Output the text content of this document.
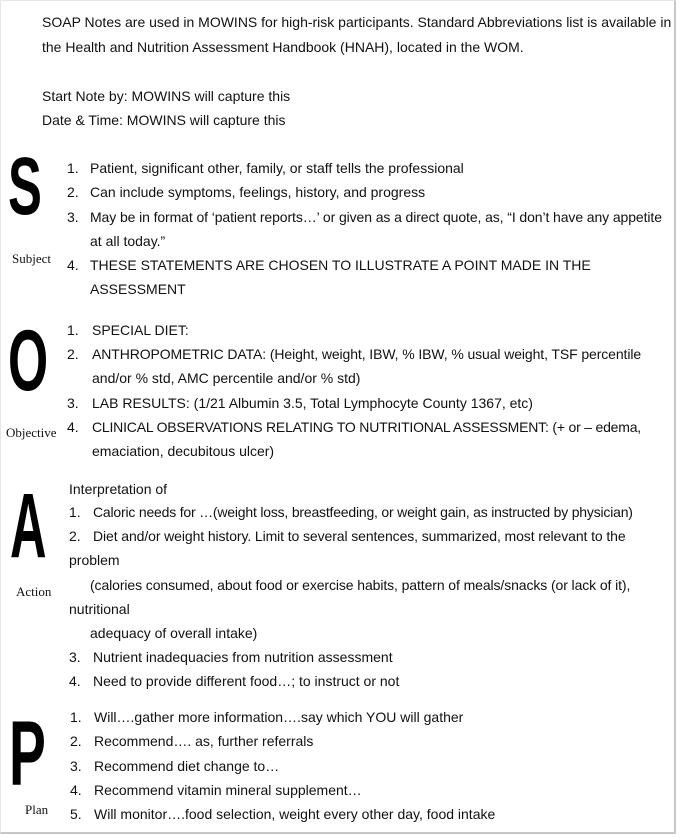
SOAP Notes are used in MOWINS for high-risk participants. Standard Abbreviations list is available in
the Health and Nutrition Assessment Handbook (HNAH), located in the WOM.
Start Note by: MOWINS will capture this
Date & Time: MOWINS will capture this
S
Subject
1. Patient, significant other, family, or staff tells the professional
2. Can include symptoms, feelings, history, and progress
3. May be in format of ‘patient reports…’ or given as a direct quote, as, “I don’t have any appetite
at all today.”
4. THESE STATEMENTS ARE CHOSEN TO ILLUSTRATE A POINT MADE IN THE
ASSESSMENT
O
Objective
1. SPECIAL DIET:
2. ANTHROPOMETRIC DATA: (Height, weight, IBW, % IBW, % usual weight, TSF percentile
and/or % std, AMC percentile and/or % std)
3. LAB RESULTS: (1/21 Albumin 3.5, Total Lymphocyte County 1367, etc)
4. CLINICAL OBSERVATIONS RELATING TO NUTRITIONAL ASSESSMENT: (+ or – edema,
emaciation, decubitous ulcer)
A
Action
Interpretation of
1. Caloric needs for …(weight loss, breastfeeding, or weight gain, as instructed by physician)
2. Diet and/or weight history. Limit to several sentences, summarized, most relevant to the
problem
(calories consumed, about food or exercise habits, pattern of meals/snacks (or lack of it),
nutritional
adequacy of overall intake)
3. Nutrient inadequacies from nutrition assessment
4. Need to provide different food…; to instruct or not
P
Plan
1. Will….gather more information….say which YOU will gather
2. Recommend…. as, further referrals
3. Recommend diet change to…
4. Recommend vitamin mineral supplement…
5. Will monitor….food selection, weight every other day, food intake
